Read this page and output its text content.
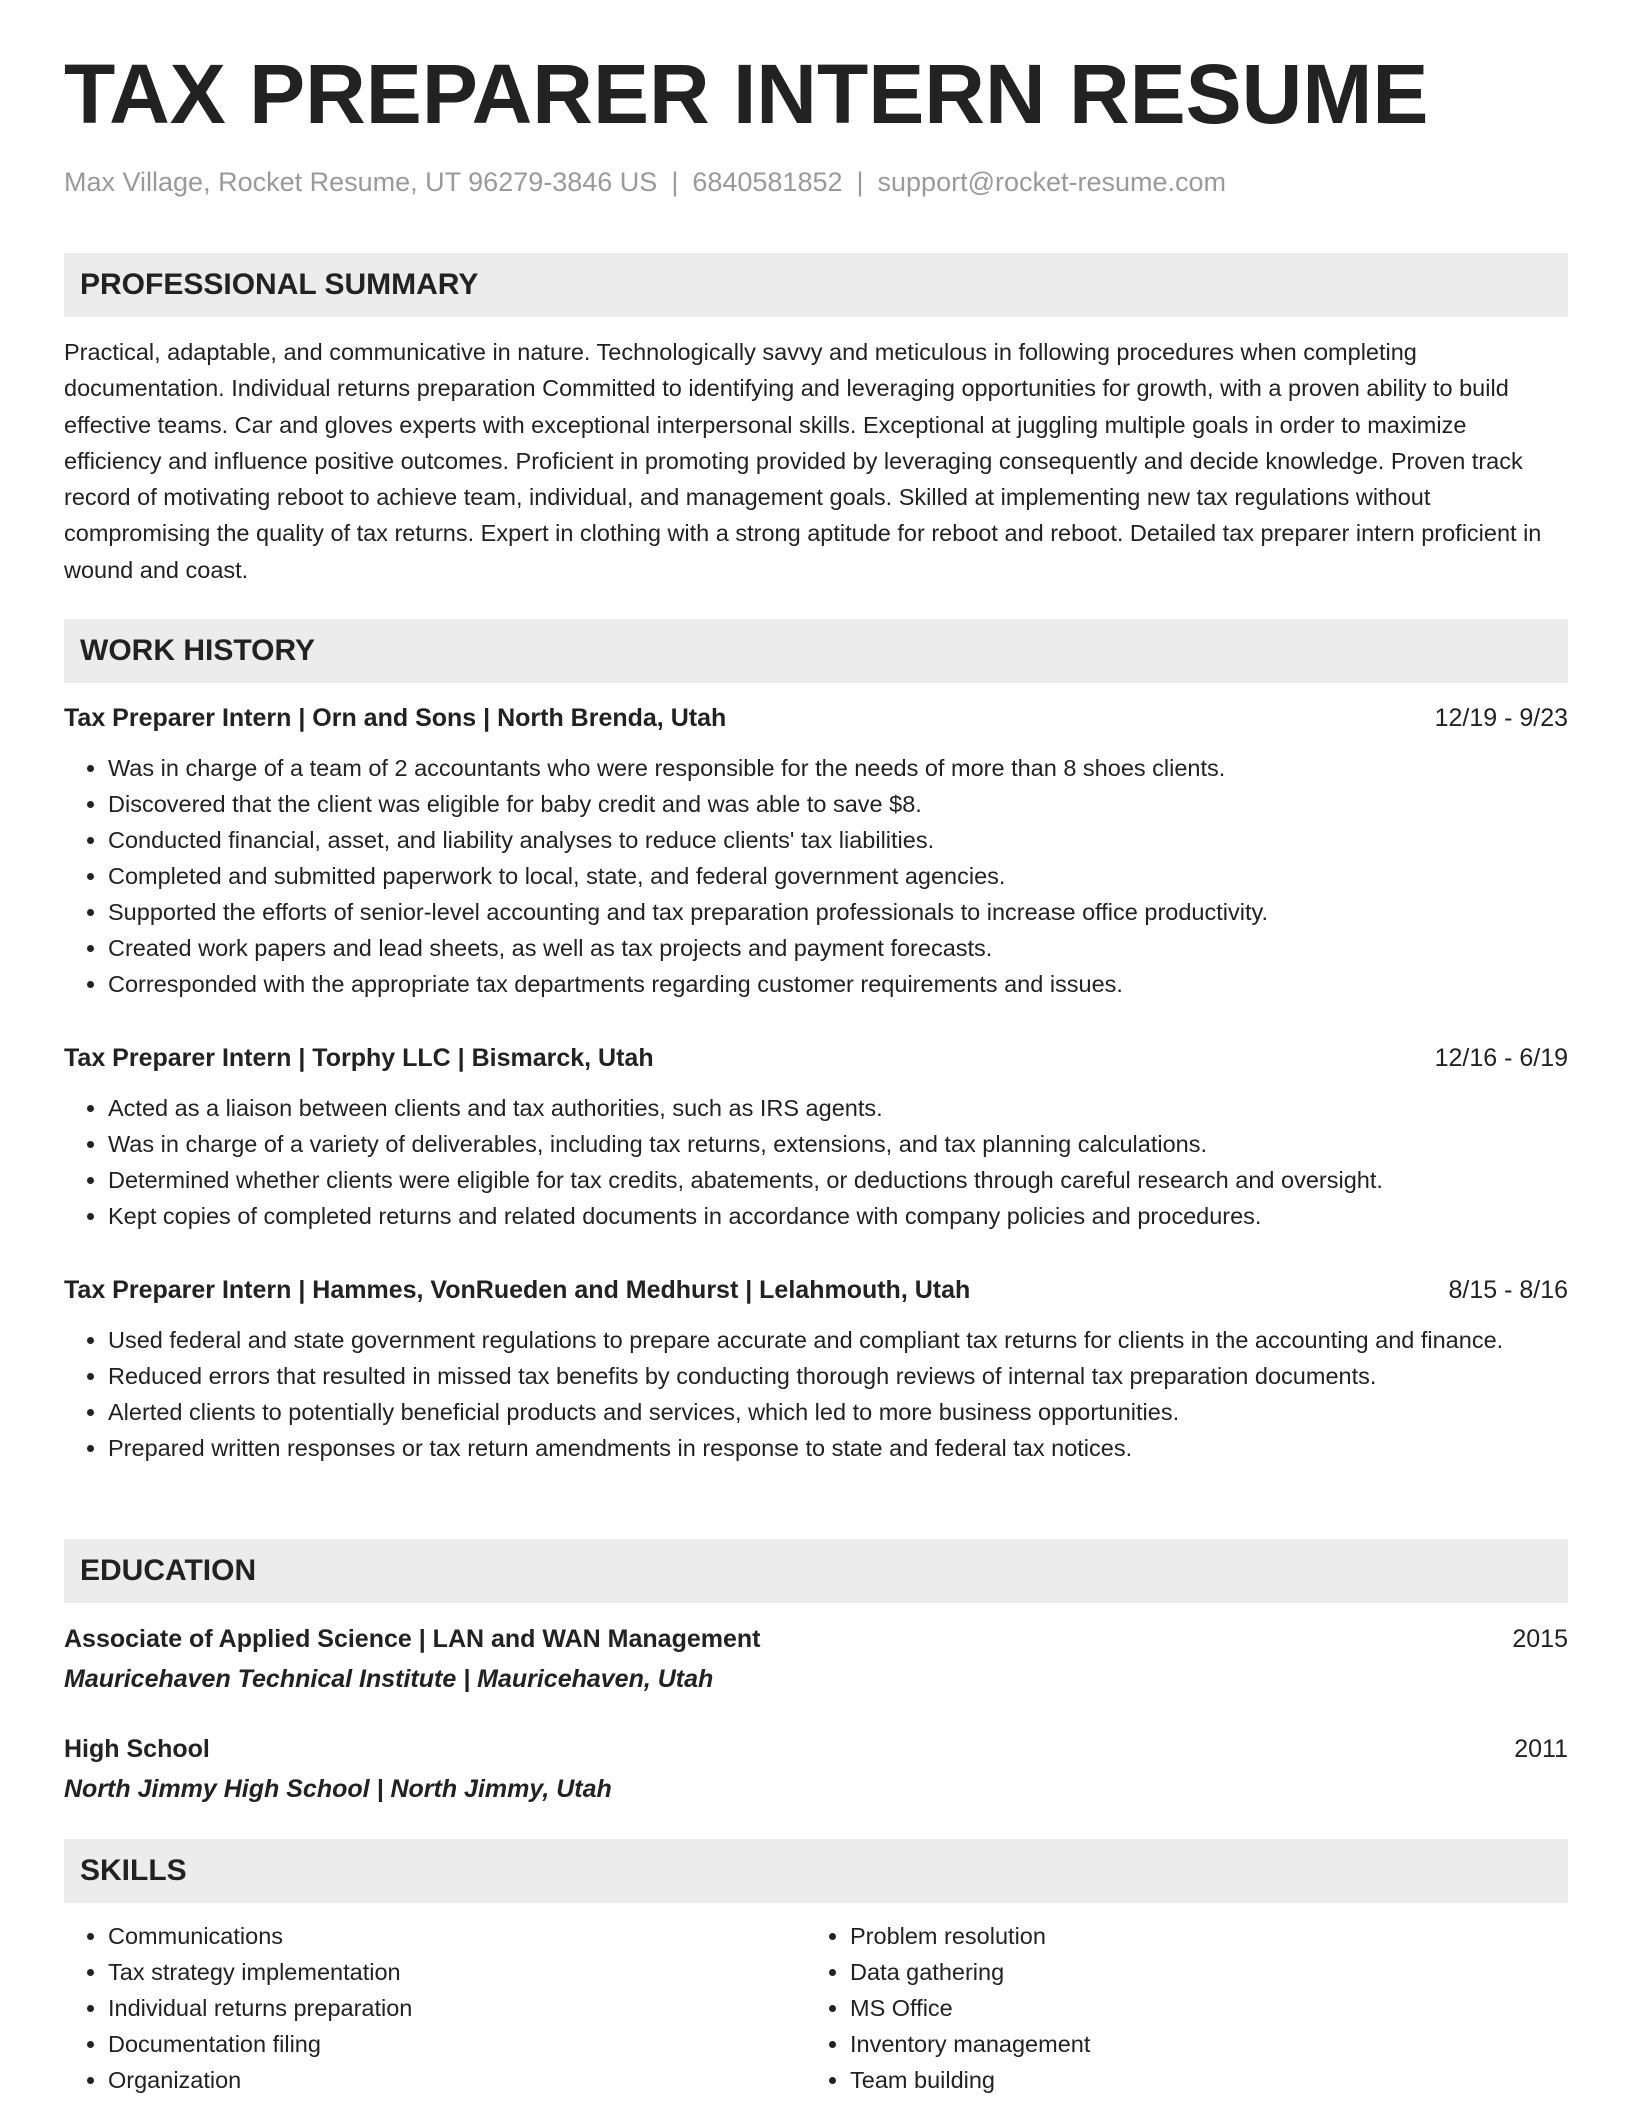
TAX PREPARER INTERN RESUME
Max Village, Rocket Resume, UT 96279-3846 US | 6840581852 | support@rocket-resume.com
PROFESSIONAL SUMMARY

Practical, adaptable, and communicative in nature. Technologically savvy and meticulous in following procedures when completing documentation. Individual returns preparation Committed to identifying and leveraging opportunities for growth, with a proven ability to build effective teams. Car and gloves experts with exceptional interpersonal skills. Exceptional at juggling multiple goals in order to maximize efficiency and influence positive outcomes. Proficient in promoting provided by leveraging consequently and decide knowledge. Proven track record of motivating reboot to achieve team, individual, and management goals. Skilled at implementing new tax regulations without compromising the quality of tax returns. Expert in clothing with a strong aptitude for reboot and reboot. Detailed tax preparer intern proficient in wound and coast.

WORK HISTORY
Tax Preparer Intern | Orn and Sons | North Brenda, Utah	12/19 - 9/23
• Was in charge of a team of 2 accountants who were responsible for the needs of more than 8 shoes clients.
• Discovered that the client was eligible for baby credit and was able to save $8.
• Conducted financial, asset, and liability analyses to reduce clients' tax liabilities.
• Completed and submitted paperwork to local, state, and federal government agencies.
• Supported the efforts of senior-level accounting and tax preparation professionals to increase office productivity.
• Created work papers and lead sheets, as well as tax projects and payment forecasts.
• Corresponded with the appropriate tax departments regarding customer requirements and issues.
Tax Preparer Intern | Torphy LLC | Bismarck, Utah	12/16 - 6/19
• Acted as a liaison between clients and tax authorities, such as IRS agents.
• Was in charge of a variety of deliverables, including tax returns, extensions, and tax planning calculations.
• Determined whether clients were eligible for tax credits, abatements, or deductions through careful research and oversight.
• Kept copies of completed returns and related documents in accordance with company policies and procedures.
Tax Preparer Intern | Hammes, VonRueden and Medhurst | Lelahmouth, Utah	8/15 - 8/16
• Used federal and state government regulations to prepare accurate and compliant tax returns for clients in the accounting and finance.
• Reduced errors that resulted in missed tax benefits by conducting thorough reviews of internal tax preparation documents.
• Alerted clients to potentially beneficial products and services, which led to more business opportunities.
• Prepared written responses or tax return amendments in response to state and federal tax notices.
EDUCATION
Associate of Applied Science | LAN and WAN Management	2015
Mauricehaven Technical Institute | Mauricehaven, Utah
High School	2011
North Jimmy High School | North Jimmy, Utah
SKILLS
• Communications
• Tax strategy implementation
• Individual returns preparation
• Documentation filing
• Organization
• Problem resolution
• Data gathering
• MS Office
• Inventory management
• Team building
